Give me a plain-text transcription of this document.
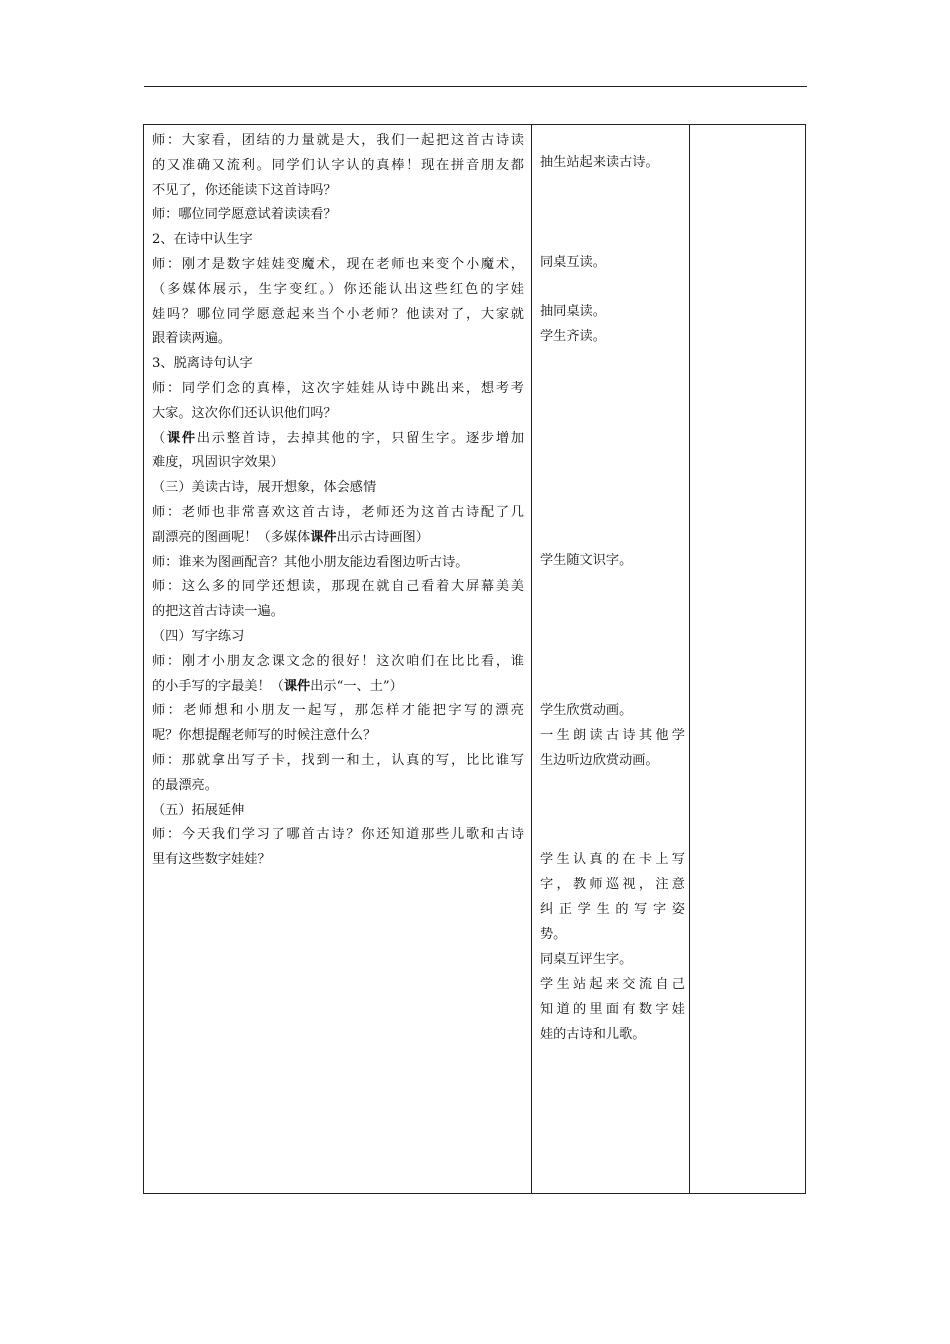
师：大家看，团结的力量就是大，我们一起把这首古诗读
的又准确又流利。同学们认字认的真棒！现在拼音朋友都
不见了，你还能读下这首诗吗？
师：哪位同学愿意试着读读看？
2、在诗中认生字
师：刚才是数字娃娃变魔术，现在老师也来变个小魔术，
（多媒体展示，生字变红。）你还能认出这些红色的字娃
娃吗？哪位同学愿意起来当个小老师？他读对了，大家就
跟着读两遍。
3、脱离诗句认字
师：同学们念的真棒，这次字娃娃从诗中跳出来，想考考
大家。这次你们还认识他们吗？
（课件出示整首诗，去掉其他的字，只留生字。逐步增加
难度，巩固识字效果）
（三）美读古诗，展开想象，体会感情
师：老师也非常喜欢这首古诗，老师还为这首古诗配了几
副漂亮的图画呢！（多媒体课件出示古诗画图）
师：谁来为图画配音？其他小朋友能边看图边听古诗。
师：这么多的同学还想读，那现在就自己看着大屏幕美美
的把这首古诗读一遍。
（四）写字练习
师：刚才小朋友念课文念的很好！这次咱们在比比看，谁
的小手写的字最美！（课件出示“一、土”）
师：老师想和小朋友一起写，那怎样才能把字写的漂亮
呢？你想提醒老师写的时候注意什么？
师：那就拿出写子卡，找到一和土，认真的写，比比谁写
的最漂亮。
（五）拓展延伸
师：今天我们学习了哪首古诗？你还知道那些儿歌和古诗
里有这些数字娃娃？
抽生站起来读古诗。
同桌互读。
抽同桌读。
学生齐读。
学生随文识字。
学生欣赏动画。
一生朗读古诗其他学
生边听边欣赏动画。
学生认真的在卡上写
字，教师巡视，注意
纠正学生的写字姿
势。
同桌互评生字。
学生站起来交流自己
知道的里面有数字娃
娃的古诗和儿歌。
